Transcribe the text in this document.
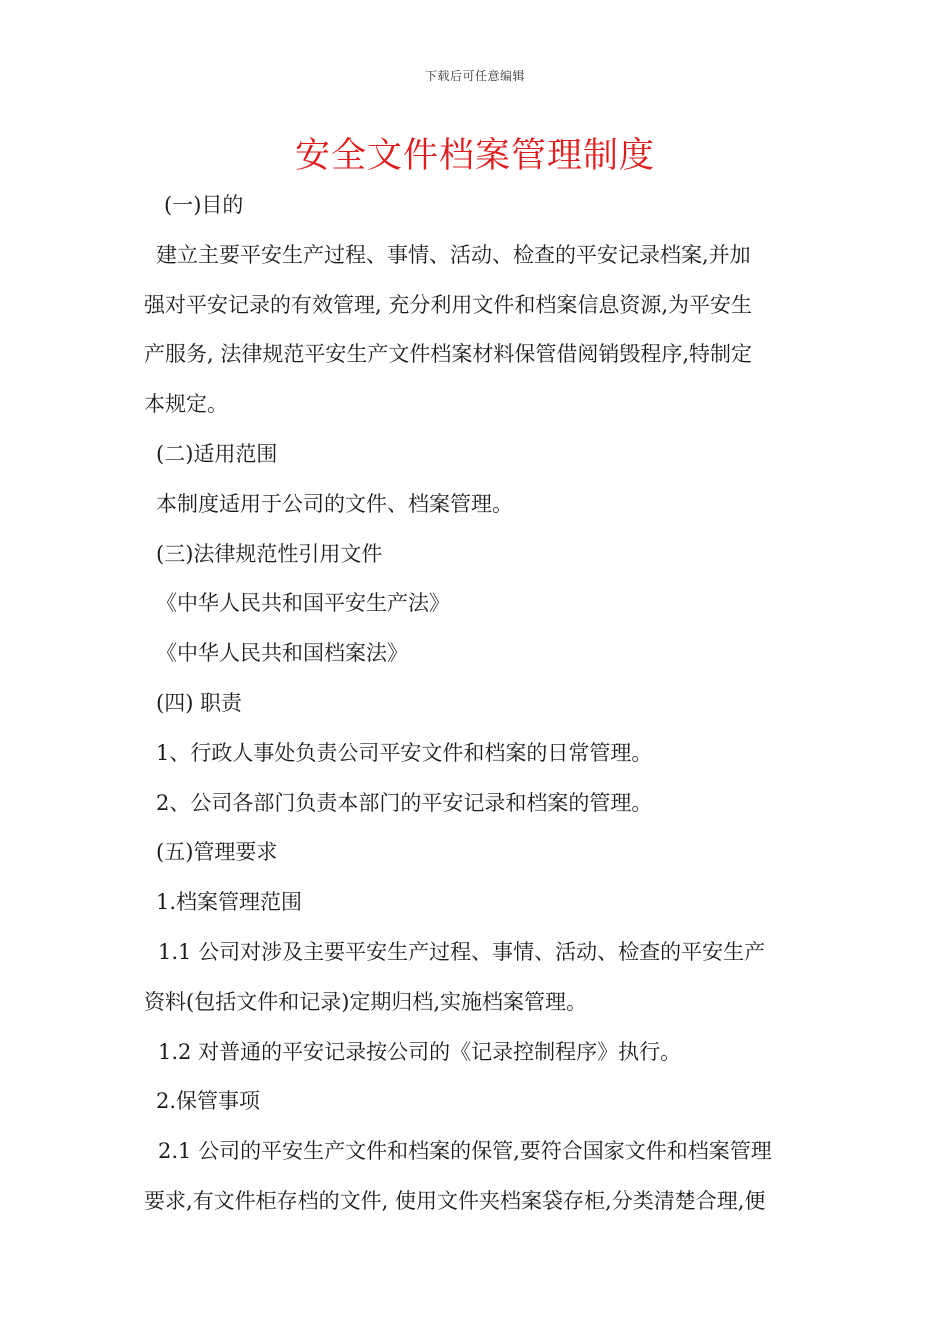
下载后可任意编辑
安全文件档案管理制度
(一)目的
建立主要平安生产过程、事情、活动、检查的平安记录档案,并加
强对平安记录的有效管理, 充分利用文件和档案信息资源,为平安生
产服务, 法律规范平安生产文件档案材料保管借阅销毁程序,特制定
本规定。
(二)适用范围
本制度适用于公司的文件、档案管理。
(三)法律规范性引用文件
《中华人民共和国平安生产法》
《中华人民共和国档案法》
(四) 职责
1、行政人事处负责公司平安文件和档案的日常管理。
2、公司各部门负责本部门的平安记录和档案的管理。
(五)管理要求
1.档案管理范围
1.1 公司对涉及主要平安生产过程、事情、活动、检查的平安生产
资料(包括文件和记录)定期归档,实施档案管理。
1.2 对普通的平安记录按公司的《记录控制程序》执行。
2.保管事项
2.1 公司的平安生产文件和档案的保管,要符合国家文件和档案管理
要求,有文件柜存档的文件, 使用文件夹档案袋存柜,分类清楚合理,便
